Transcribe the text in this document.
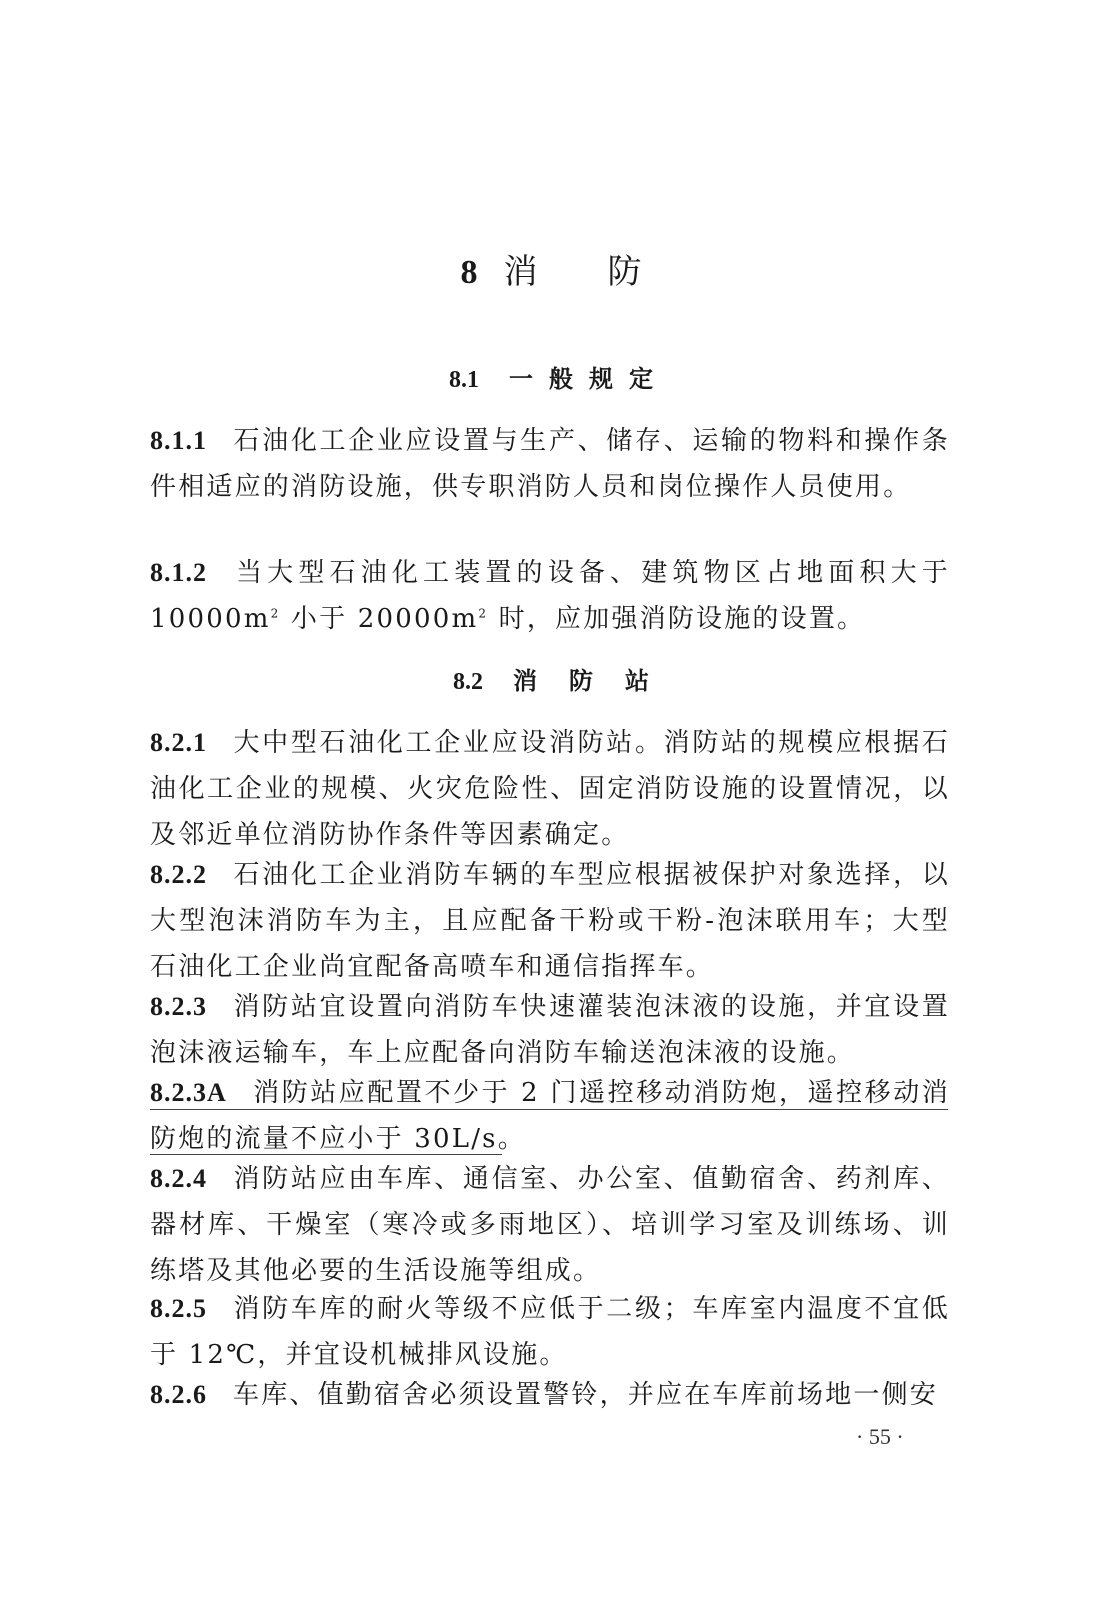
8 消防
8.1 一般规定
8.1.1 石油化工企业应设置与生产、储存、运输的物料和操作条件相适应的消防设施，供专职消防人员和岗位操作人员使用。
8.1.2 当大型石油化工装置的设备、建筑物区占地面积大于$10000m^2$ 小于 $20000m^2$ 时，应加强消防设施的设置。
8.2 消防站
8.2.1 大中型石油化工企业应设消防站。消防站的规模应根据石油化工企业的规模、火灾危险性、固定消防设施的设置情况，以及邻近单位消防协作条件等因素确定。
8.2.2 石油化工企业消防车辆的车型应根据被保护对象选择，以大型泡沫消防车为主，且应配备干粉或干粉-泡沫联用车；大型石油化工企业尚宜配备高喷车和通信指挥车。
8.2.3 消防站宜设置向消防车快速灌装泡沫液的设施，并宜设置泡沫液运输车，车上应配备向消防车输送泡沫液的设施。
8.2.3A 消防站应配置不少于 2 门遥控移动消防炮，遥控移动消防炮的流量不应小于 30L/s。
8.2.4 消防站应由车库、通信室、办公室、值勤宿舍、药剂库、器材库、干燥室（寒冷或多雨地区）、培训学习室及训练场、训练塔及其他必要的生活设施等组成。
8.2.5 消防车库的耐火等级不应低于二级；车库室内温度不宜低于 12℃，并宜设机械排风设施。
8.2.6 车库、值勤宿舍必须设置警铃，并应在车库前场地一侧安
· 55 ·
